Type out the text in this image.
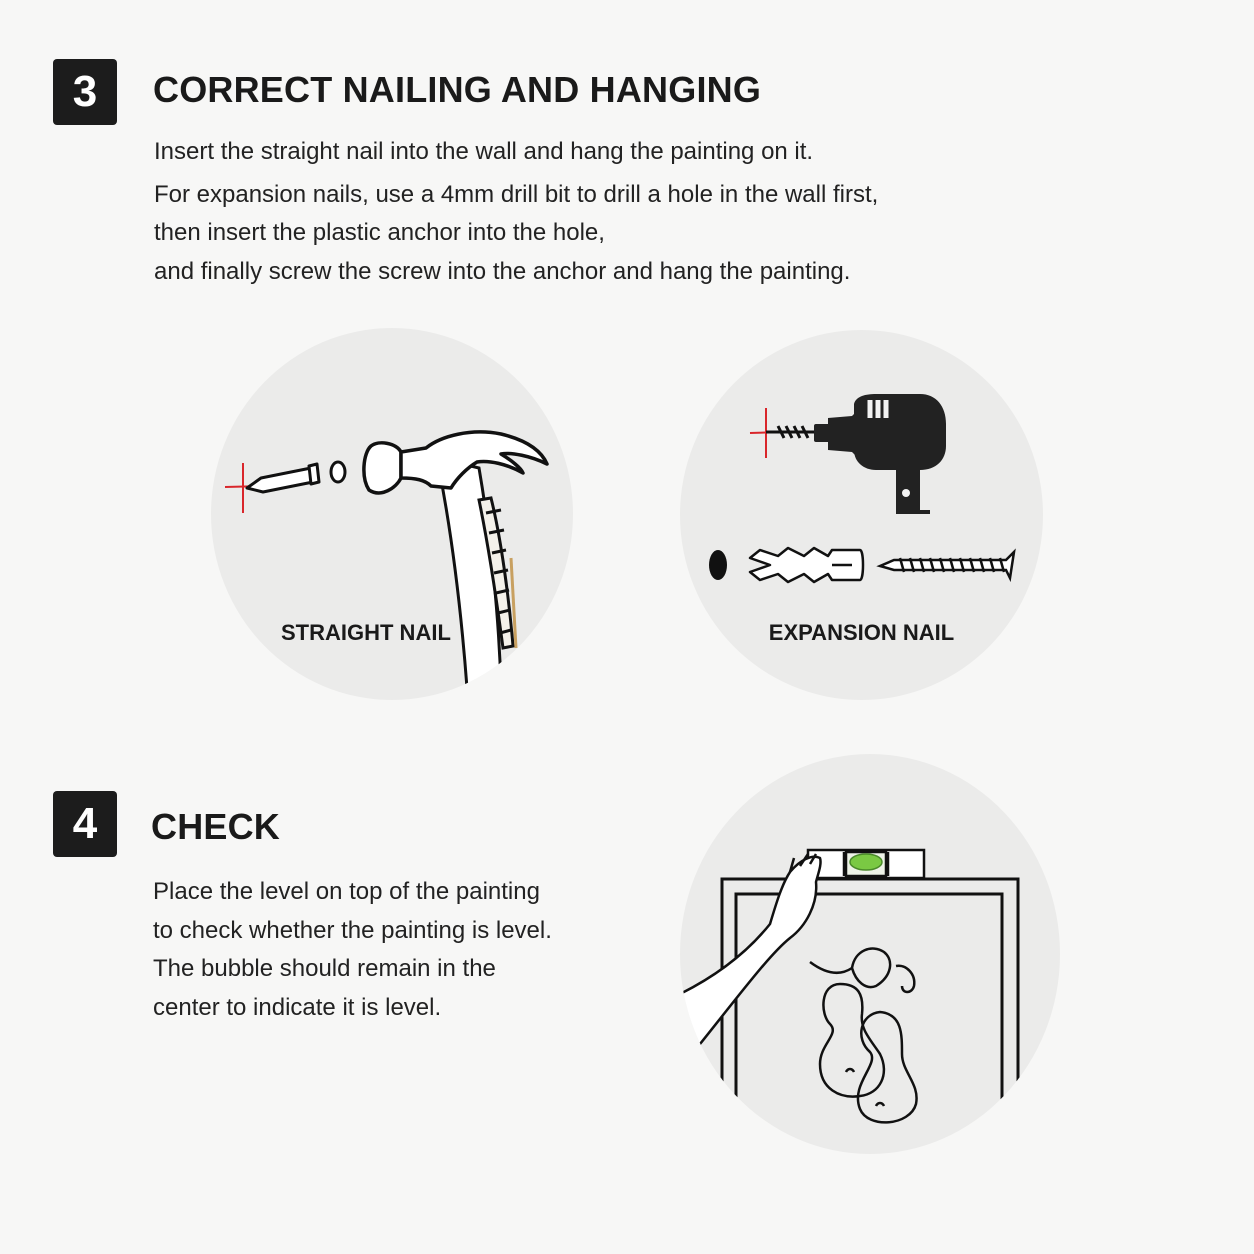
3 CORRECT NAILING AND HANGING

Insert the straight nail into the wall and hang the painting on it.

For expansion nails, use a 4mm drill bit to drill a hole in the wall first,

then insert the plastic anchor into the hole,

and finally screw the screw into the anchor and hang the painting.

STRAIGHT NAIL	EXPANSION NAIL
4 CHECK

Place the level on top of the painting

to check whether the painting is level.

The bubble should remain in the

center to indicate it is level.
